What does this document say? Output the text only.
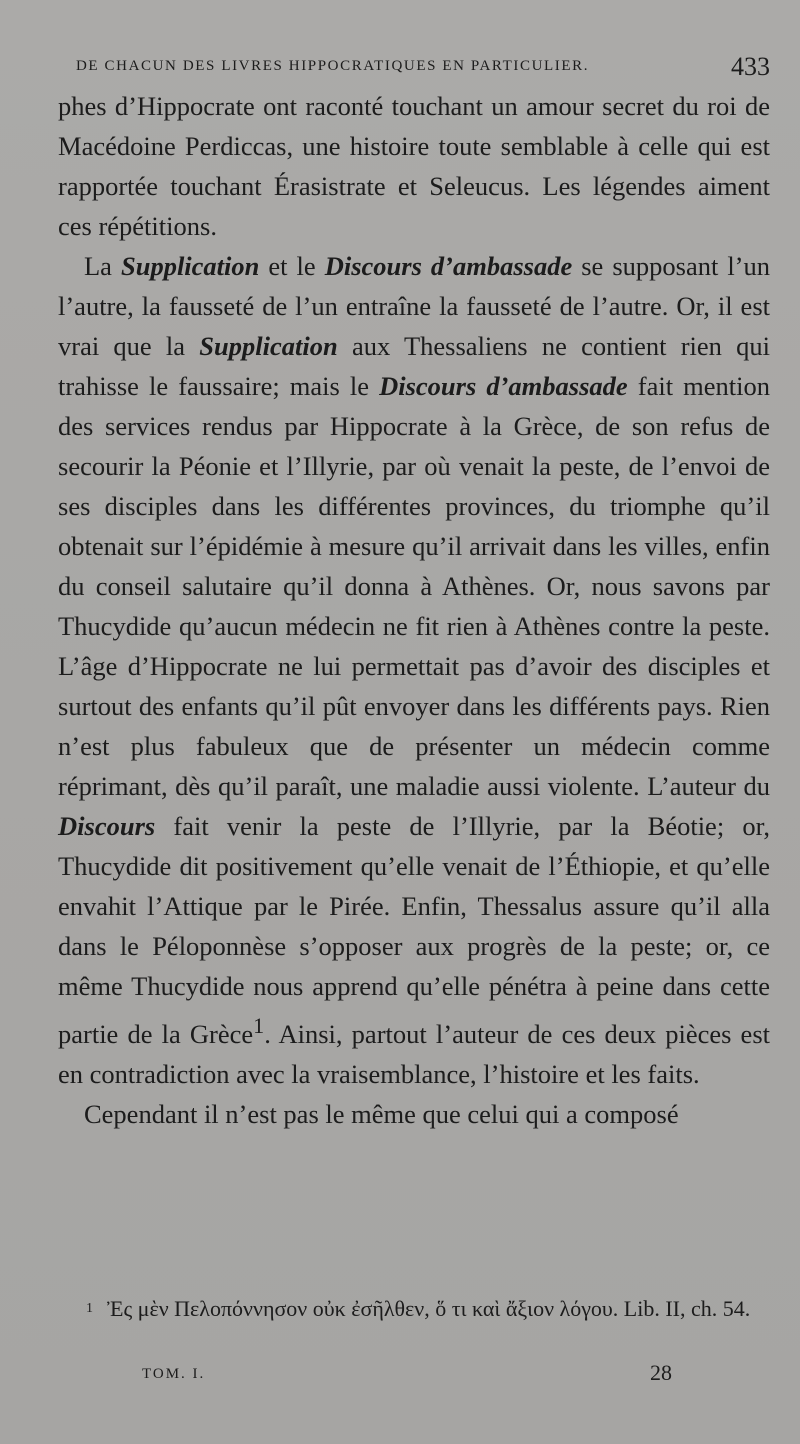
DE CHACUN DES LIVRES HIPPOCRATIQUES EN PARTICULIER.	433

phes d’Hippocrate ont raconté touchant un amour secret du roi de Macédoine Perdiccas, une histoire toute semblable à celle qui est rapportée touchant Érasistrate et Seleucus. Les légendes aiment ces répétitions.

La Supplication et le Discours d’ambassade se supposant l’un l’autre, la fausseté de l’un entraîne la fausseté de l’autre. Or, il est vrai que la Supplication aux Thessaliens ne contient rien qui trahisse le faussaire; mais le Discours d’ambassade fait mention des services rendus par Hippocrate à la Grèce, de son refus de secourir la Péonie et l’Illyrie, par où venait la peste, de l’envoi de ses disciples dans les différentes provinces, du triomphe qu’il obtenait sur l’épidémie à mesure qu’il arrivait dans les villes, enfin du conseil salutaire qu’il donna à Athènes. Or, nous savons par Thucydide qu’aucun médecin ne fit rien à Athènes contre la peste. L’âge d’Hippocrate ne lui permettait pas d’avoir des disciples et surtout des enfants qu’il pût envoyer dans les différents pays. Rien n’est plus fabuleux que de présenter un médecin comme réprimant, dès qu’il paraît, une maladie aussi violente. L’auteur du Discours fait venir la peste de l’Illyrie, par la Béotie; or, Thucydide dit positivement qu’elle venait de l’Éthiopie, et qu’elle envahit l’Attique par le Pirée. Enfin, Thessalus assure qu’il alla dans le Péloponnèse s’opposer aux progrès de la peste; or, ce même Thucydide nous apprend qu’elle pénétra à peine dans cette partie de la Grèce$^1$. Ainsi, partout l’auteur de ces deux pièces est en contradiction avec la vraisemblance, l’histoire et les faits.

Cependant il n’est pas le même que celui qui a composé

1 Ἐς μὲν Πελοπόννησον οὐκ ἐσῆλθεν, ὅ τι καὶ ἄξιον λόγου. Lib. II, ch. 54.
TOM. I.	28
